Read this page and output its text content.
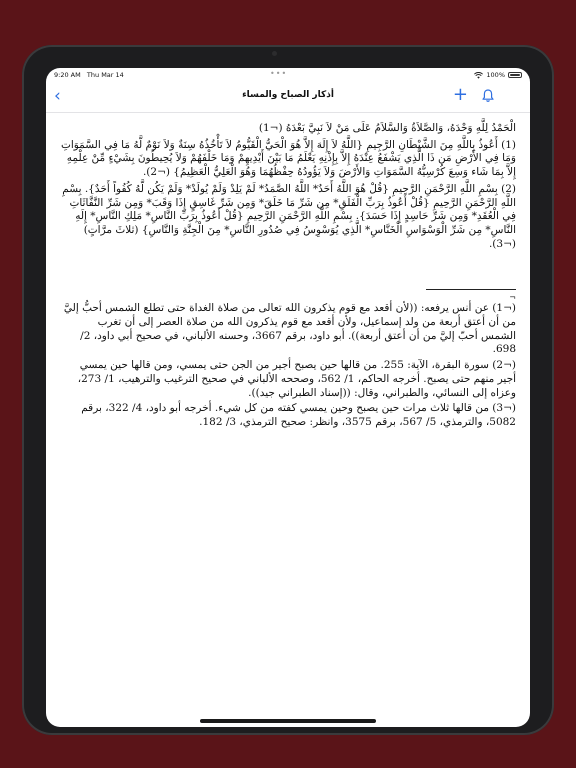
9:20 AM Thu Mar 14	•••	100%
‹	أذكار الصباح والمساء	+

الْحَمْدُ لِلَّهِ وَحْدَهُ، وَالصَّلاَةُ وَالسَّلاَمُ عَلَى مَنْ لاَ نَبِيَّ بَعْدَهُ (¬1)

(1) أَعُوذُ بِاللَّهِ مِنَ الشَّيْطَانِ الرَّجِيمِ {اللَّهُ لاَ إِلَهَ إِلاَّ هُوَ الْحَيُّ الْقَيُّومُ لاَ تَأْخُذُهُ سِنَةٌ وَلاَ نَوْمٌ لَّهُ مَا فِي السَّمَوَاتِ وَمَا فِي الأَرْضِ مَن ذَا الَّذِي يَشْفَعُ عِنْدَهُ إِلاَّ بِإِذْنِهِ يَعْلَمُ مَا بَيْنَ أَيْدِيهِمْ وَمَا خَلْفَهُمْ وَلاَ يُحِيطُونَ بِشَيْءٍ مِّنْ عِلْمِهِ إِلاَّ بِمَا شَاء وَسِعَ كُرْسِيُّهُ السَّمَوَاتِ وَالأَرْضَ وَلاَ يَؤُودُهُ حِفْظُهُمَا وَهُوَ الْعَلِيُّ الْعَظِيمُ} (¬2).

(2) بِسْمِ اللَّهِ الرَّحْمَنِ الرَّحِيمِ {قُلْ هُوَ اللَّهُ أَحَدٌ* اللَّهُ الصَّمَدُ* لَمْ يَلِدْ وَلَمْ يُولَدْ* وَلَمْ يَكُن لَّهُ كُفُواً أَحَدٌ}. بِسْمِ اللَّهِ الرَّحْمَنِ الرَّحِيمِ {قُلْ أَعُوذُ بِرَبِّ الْفَلَقِ* مِن شَرِّ مَا خَلَقَ* وَمِن شَرِّ غَاسِقٍ إِذَا وَقَبَ* وَمِن شَرِّ النَّفَّاثَاتِ فِي الْعُقَدِ* وَمِن شَرِّ حَاسِدٍ إِذَا حَسَدَ}. بِسْمِ اللَّهِ الرَّحْمَنِ الرَّحِيمِ {قُلْ أَعُوذُ بِرَبِّ النَّاسِ* مَلِكِ النَّاسِ* إِلَهِ النَّاسِ* مِن شَرِّ الْوَسْوَاسِ الْخَنَّاسِ* الَّذِي يُوَسْوِسُ فِي صُدُورِ النَّاسِ* مِنَ الْجِنَّةِ وَالنَّاسِ} (ثلاثَ مرَّاتٍ) (¬3).

¬

(¬1) عن أنس يرفعه: ((لأن أقعد مع قوم يذكرون الله تعالى من صلاة الغداة حتى تطلع الشمس أحبُّ إليَّ من أن أعتق أربعة من ولد إسماعيل، ولأن أقعد مع قوم يذكرون الله من صلاة العصر إلى أن تغرب الشمس أحبّ إليَّ من أن أعتق أربعة)). أبو داود، برقم 3667، وحسنه الألباني، في صحيح أبي داود، 2/ 698.

(¬2) سورة البقرة، الآية: 255. من قالها حين يصبح أجير من الجن حتى يمسي، ومن قالها حين يمسي أجير منهم حتى يصبح. أخرجه الحاكم، 1/ 562، وصححه الألباني في صحيح الترغيب والترهيب، 1/ 273، وعزاه إلى النسائي، والطبراني، وقال: ((إسناد الطبراني جيد)).

(¬3) من قالها ثلاث مرات حين يصبح وحين يمسي كفته من كل شيء. أخرجه أبو داود، 4/ 322، برقم 5082، والترمذي، 5/ 567، برقم 3575، وانظر: صحيح الترمذي، 3/ 182.
